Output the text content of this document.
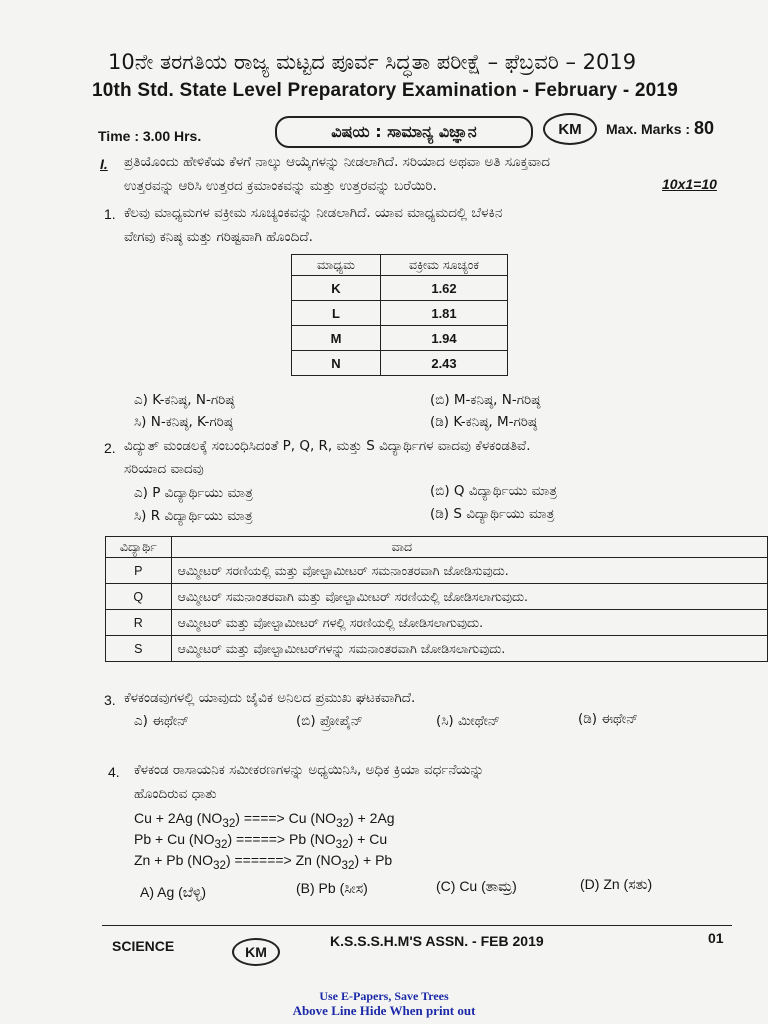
10ನೇ ತರಗತಿಯ ರಾಜ್ಯ ಮಟ್ಟದ ಪೂರ್ವ ಸಿದ್ಧತಾ ಪರೀಕ್ಷೆ – ಫೆಬ್ರವರಿ – 2019
10th Std. State Level Preparatory Examination - February - 2019
Time : 3.00 Hrs.	ವಿಷಯ : ಸಾಮಾನ್ಯ ವಿಜ್ಞಾನ	KM	Max. Marks : 80
I. ಪ್ರತಿಯೊಂದು ಹೇಳಿಕೆಯ ಕೆಳಗೆ ನಾಲ್ಕು ಆಯ್ಕೆಗಳನ್ನು ನೀಡಲಾಗಿದೆ. ಸರಿಯಾದ ಅಥವಾ ಅತಿ ಸೂಕ್ತವಾದ
ಉತ್ತರವನ್ನು ಆರಿಸಿ ಉತ್ತರದ ಕ್ರಮಾಂಕವನ್ನು ಮತ್ತು ಉತ್ತರವನ್ನು ಬರೆಯಿರಿ.	10x1=10
1. ಕೆಲವು ಮಾಧ್ಯಮಗಳ ವಕ್ರೀಮ ಸೂಚ್ಯಂಕವನ್ನು ನೀಡಲಾಗಿದೆ. ಯಾವ ಮಾಧ್ಯಮದಲ್ಲಿ ಬೆಳಕಿನ
ವೇಗವು ಕನಿಷ್ಠ ಮತ್ತು ಗರಿಷ್ಟವಾಗಿ ಹೊಂದಿದೆ.
ಮಾಧ್ಯಮ	ವಕ್ರೀಮ ಸೂಚ್ಯಂಕ
K	1.62
L	1.81
M	1.94
N	2.43
ಎ) K-ಕನಿಷ್ಠ, N-ಗರಿಷ್ಠ	(ಬಿ) M-ಕನಿಷ್ಠ, N-ಗರಿಷ್ಠ
ಸಿ) N-ಕನಿಷ್ಠ, K-ಗರಿಷ್ಠ	(ಡಿ) K-ಕನಿಷ್ಠ, M-ಗರಿಷ್ಠ
2. ವಿದ್ಯುತ್ ಮಂಡಲಕ್ಕೆ ಸಂಬಂಧಿಸಿದಂತೆ P, Q, R, ಮತ್ತು S ವಿದ್ಯಾರ್ಥಿಗಳ ವಾದವು ಕೆಳಕಂಡತಿವೆ.
ಸರಿಯಾದ ವಾದವು
ಎ) P ವಿದ್ಯಾರ್ಥಿಯು ಮಾತ್ರ	(ಬಿ) Q ವಿದ್ಯಾರ್ಥಿಯು ಮಾತ್ರ
ಸಿ) R ವಿದ್ಯಾರ್ಥಿಯು ಮಾತ್ರ	(ಡಿ) S ವಿದ್ಯಾರ್ಥಿಯು ಮಾತ್ರ
ವಿದ್ಯಾರ್ಥಿ	ವಾದ
P	ಆಮ್ಮೀಟರ್ ಸರಣಿಯಲ್ಲಿ ಮತ್ತು ವೋಲ್ಟಾಮೀಟರ್ ಸಮನಾಂತರವಾಗಿ ಜೋಡಿಸುವುದು.
Q	ಆಮ್ಮೀಟರ್ ಸಮನಾಂತರವಾಗಿ ಮತ್ತು ವೋಲ್ಟಾಮೀಟರ್ ಸರಣಿಯಲ್ಲಿ ಜೋಡಿಸಲಾಗುವುದು.
R	ಆಮ್ಮೀಟರ್ ಮತ್ತು ವೋಲ್ಟಾಮೀಟರ್ ಗಳಲ್ಲಿ ಸರಣಿಯಲ್ಲಿ ಜೋಡಿಸಲಾಗುವುದು.
S	ಆಮ್ಮೀಟರ್ ಮತ್ತು ವೋಲ್ಟಾಮೀಟರ್‌ಗಳನ್ನು ಸಮನಾಂತರವಾಗಿ ಜೋಡಿಸಲಾಗುವುದು.
3. ಕೆಳಕಂಡವುಗಳಲ್ಲಿ ಯಾವುದು ಜೈವಿಕ ಅನಿಲದ ಪ್ರಮುಖ ಘಟಕವಾಗಿದೆ.
ಎ) ಈಥೇನ್	(ಬಿ) ಪ್ರೋಪೈನ್	(ಸಿ) ಮೀಥೇನ್	(ಡಿ) ಈಥೇನ್
4. ಕೆಳಕಂಡ ರಾಸಾಯನಿಕ ಸಮೀಕರಣಗಳನ್ನು ಅಧ್ಯಯಿನಿಸಿ, ಅಧಿಕ ಕ್ರಿಯಾ ವರ್ಧನೆಯನ್ನು
ಹೊಂದಿರುವ ಧಾತು
Cu + 2Ag $(NO_{32})$ ====> Cu $(NO_{32}) + 2Ag$
Pb + Cu $(NO_{32})$ =====> Pb $(NO_{32}) + Cu$
Zn + Pb $(NO_{32})$ ======> Zn $(NO_{32}) + Pb$
A) Ag (ಬೆಳ್ಳಿ)	(B) Pb (ಸೀಸ)	(C) Cu (ತಾಮ್ರ)	(D) Zn (ಸತು)
SCIENCE	KM
K.S.S.S.H.M'S ASSN. - FEB 2019	01
Use E-Papers, Save Trees
Above Line Hide When print out
